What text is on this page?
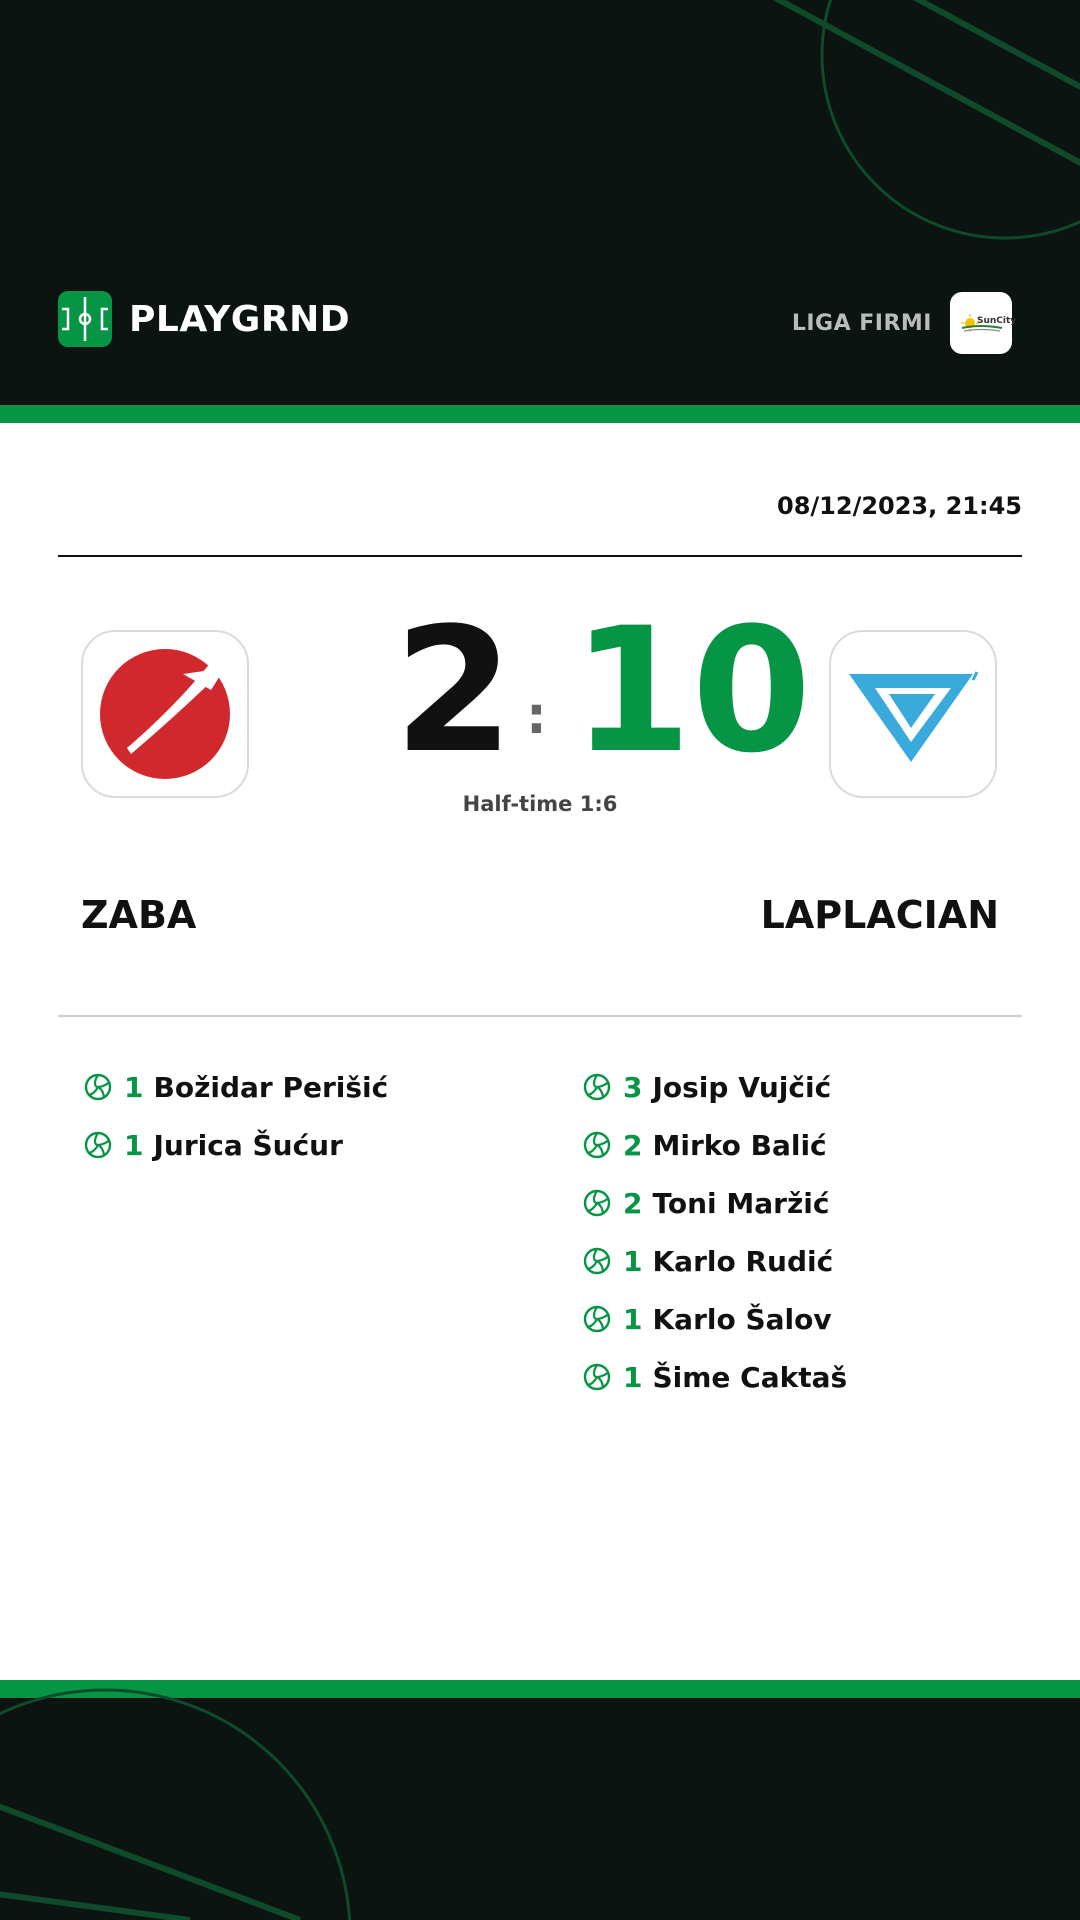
PLAYGRND	LIGA FIRMI	SunCity
08/12/2023, 21:45
2 : 10
Half-time 1:6
ZABA	LAPLACIAN
1 Božidar Perišić
1 Jurica Šućur
3 Josip Vujčić
2 Mirko Balić
2 Toni Maržić
1 Karlo Rudić
1 Karlo Šalov
1 Šime Caktaš
